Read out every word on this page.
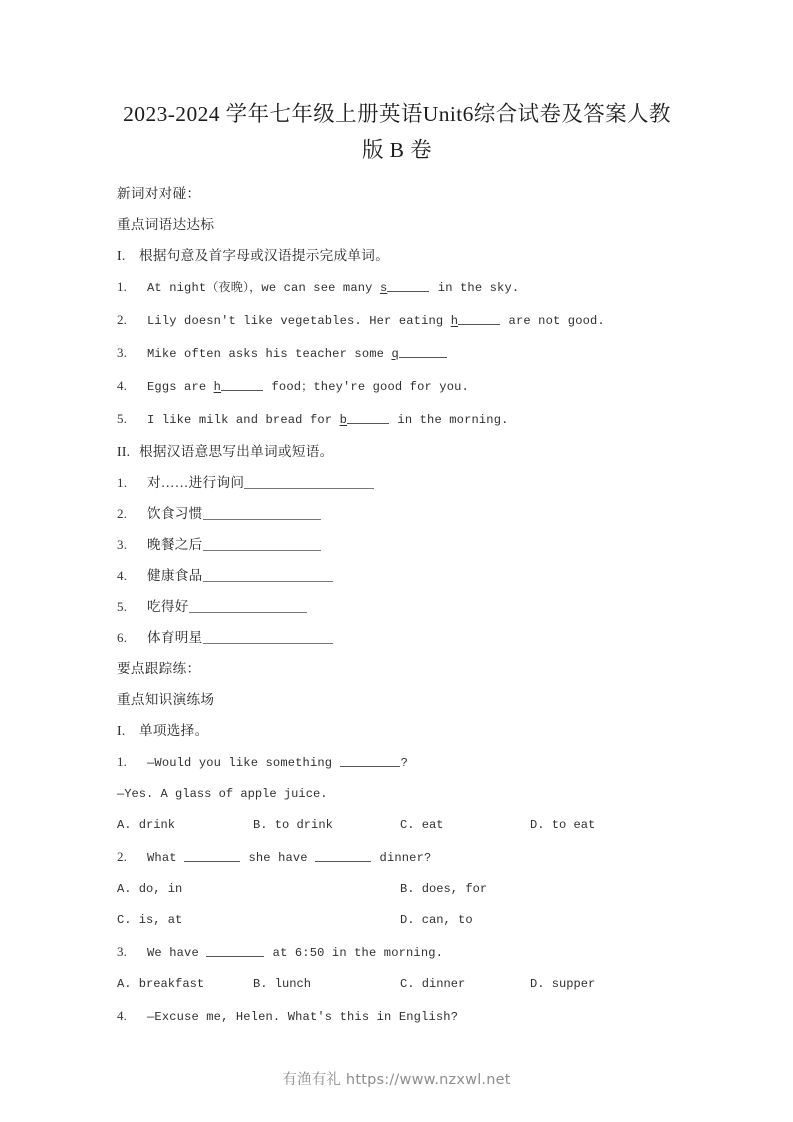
2023-2024 学年七年级上册英语Unit6综合试卷及答案人教
版 B 卷
新词对对碰：
重点词语达达标
I. 根据句意及首字母或汉语提示完成单词。
1. At night（夜晚），we can see many s	in the sky.
2. Lily doesn't like vegetables. Her eating h	are not good.
3. Mike often asks his teacher some q
4. Eggs are h	food；they're good for you.
5. I like milk and bread for b	in the morning.
II. 根据汉语意思写出单词或短语。
1. 对……进行询问
2. 饮食习惯
3. 晚餐之后
4. 健康食品
5. 吃得好
6. 体育明星
要点跟踪练：
重点知识演练场
I. 单项选择。
1. —Would you like something	?
—Yes. A glass of apple juice.
A. drink	B. to drink	C. eat	D. to eat
2. What	she have	dinner?
A. do, in	B. does, for
C. is, at	D. can, to
3. We have	at 6:50 in the morning.
A. breakfast	B. lunch	C. dinner	D. supper
4. —Excuse me, Helen. What's this in English?
有渔有礼 https://www.nzxwl.net
